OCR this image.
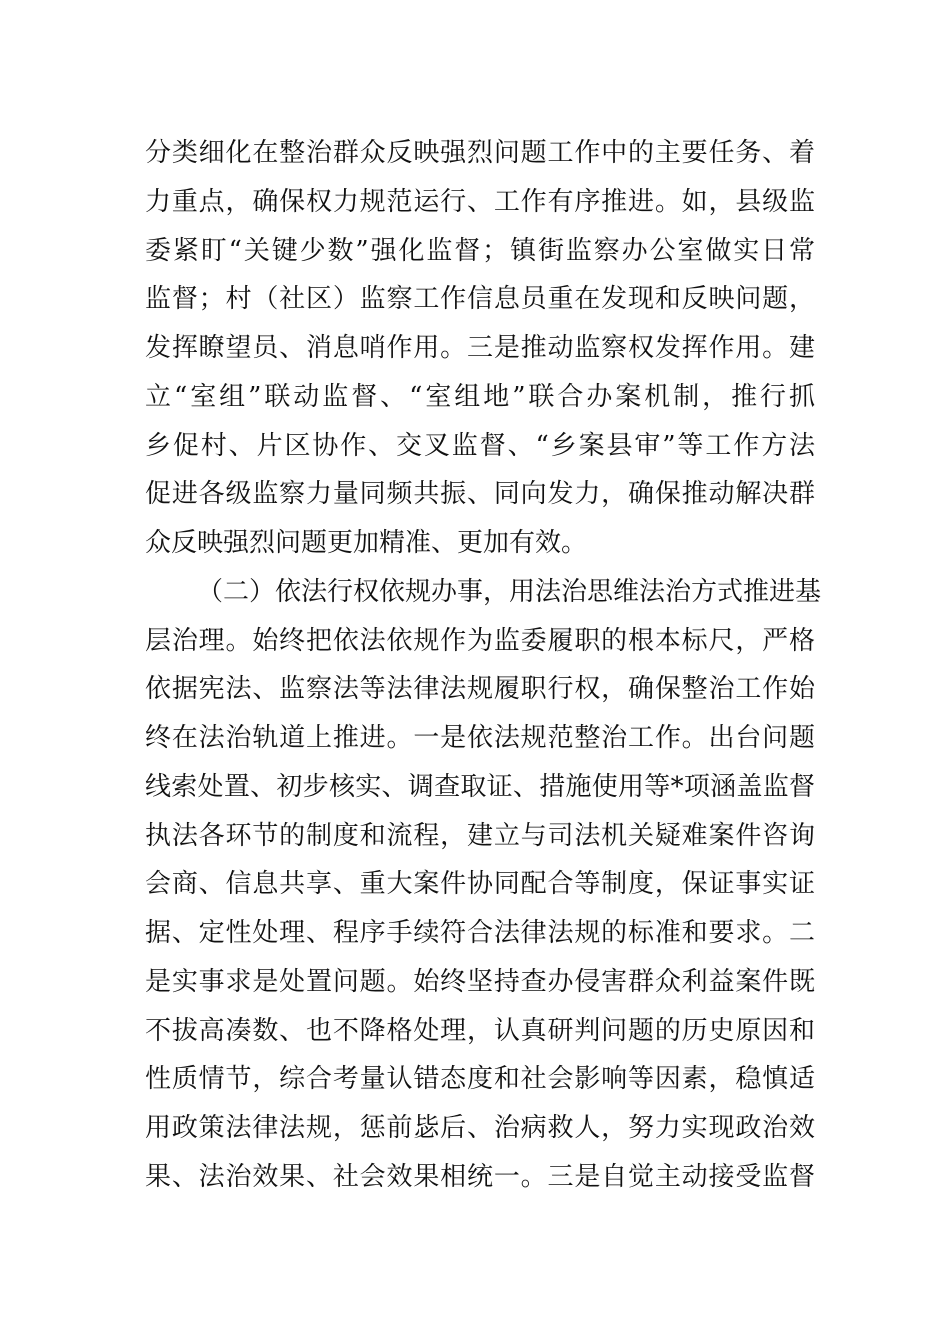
分类细化在整治群众反映强烈问题工作中的主要任务、着
力重点，确保权力规范运行、工作有序推进。如，县级监
委紧盯“关键少数”强化监督；镇街监察办公室做实日常
监督；村（社区）监察工作信息员重在发现和反映问题，
发挥瞭望员、消息哨作用。三是推动监察权发挥作用。建
立“室组”联动监督、“室组地”联合办案机制，推行抓
乡促村、片区协作、交叉监督、“乡案县审”等工作方法
促进各级监察力量同频共振、同向发力，确保推动解决群
众反映强烈问题更加精准、更加有效。
（二）依法行权依规办事，用法治思维法治方式推进基
层治理。始终把依法依规作为监委履职的根本标尺，严格
依据宪法、监察法等法律法规履职行权，确保整治工作始
终在法治轨道上推进。一是依法规范整治工作。出台问题
线索处置、初步核实、调查取证、措施使用等*项涵盖监督
执法各环节的制度和流程，建立与司法机关疑难案件咨询
会商、信息共享、重大案件协同配合等制度，保证事实证
据、定性处理、程序手续符合法律法规的标准和要求。二
是实事求是处置问题。始终坚持查办侵害群众利益案件既
不拔高凑数、也不降格处理，认真研判问题的历史原因和
性质情节，综合考量认错态度和社会影响等因素，稳慎适
用政策法律法规，惩前毖后、治病救人，努力实现政治效
果、法治效果、社会效果相统一。三是自觉主动接受监督
